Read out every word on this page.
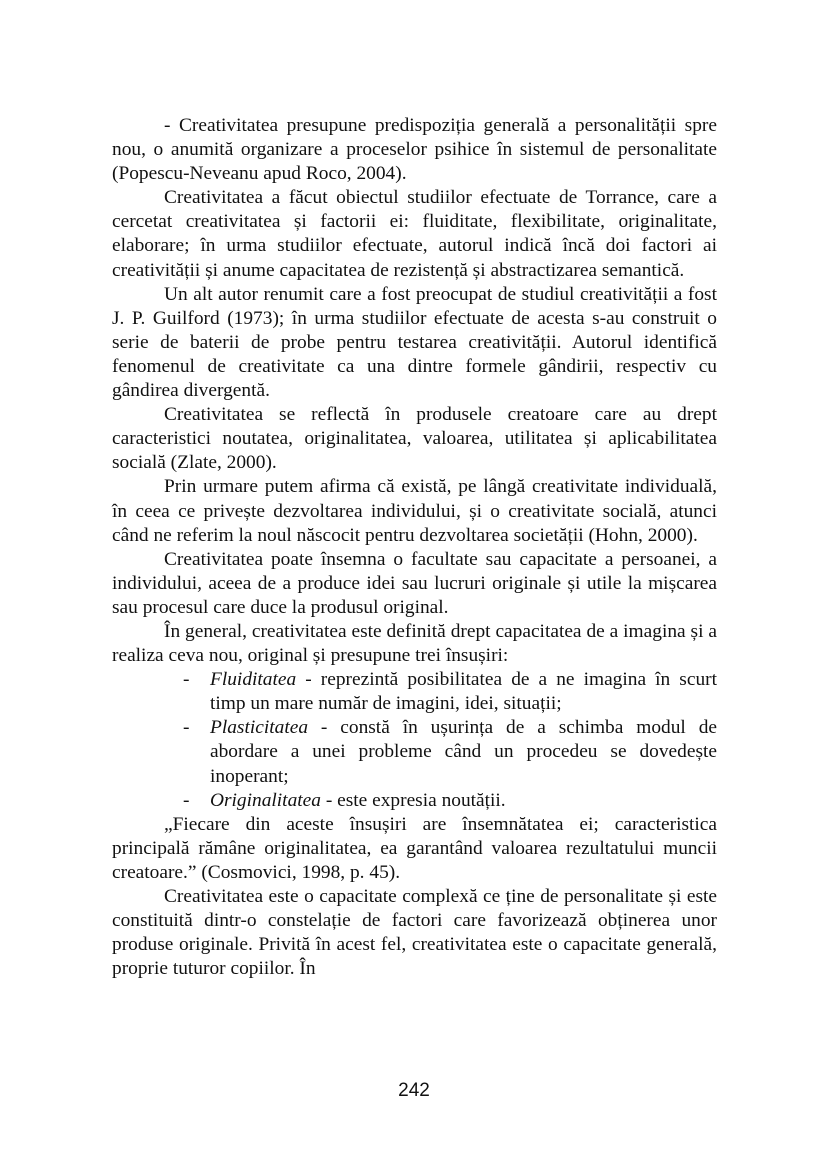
- Creativitatea presupune predispoziția generală a personalității spre nou, o anumită organizare a proceselor psihice în sistemul de personalitate (Popescu-Neveanu apud Roco, 2004).

Creativitatea a făcut obiectul studiilor efectuate de Torrance, care a cercetat creativitatea și factorii ei: fluiditate, flexibilitate, originalitate, elaborare; în urma studiilor efectuate, autorul indică încă doi factori ai creativității și anume capacitatea de rezistență și abstractizarea semantică.

Un alt autor renumit care a fost preocupat de studiul creativității a fost J. P. Guilford (1973); în urma studiilor efectuate de acesta s-au construit o serie de baterii de probe pentru testarea creativității. Autorul identifică fenomenul de creativitate ca una dintre formele gândirii, respectiv cu gândirea divergentă.

Creativitatea se reflectă în produsele creatoare care au drept caracteristici noutatea, originalitatea, valoarea, utilitatea și aplicabilitatea socială (Zlate, 2000).

Prin urmare putem afirma că există, pe lângă creativitate individuală, în ceea ce privește dezvoltarea individului, și o creativitate socială, atunci când ne referim la noul născocit pentru dezvoltarea societății (Hohn, 2000).

Creativitatea poate însemna o facultate sau capacitate a persoanei, a individului, aceea de a produce idei sau lucruri originale și utile la mișcarea sau procesul care duce la produsul original.

În general, creativitatea este definită drept capacitatea de a imagina și a realiza ceva nou, original și presupune trei însușiri:

- Fluiditatea - reprezintă posibilitatea de a ne imagina în scurt timp un mare număr de imagini, idei, situații;
- Plasticitatea - constă în ușurința de a schimba modul de abordare a unei probleme când un procedeu se dovedește inoperant;
- Originalitatea - este expresia noutății.

„Fiecare din aceste însușiri are însemnătatea ei; caracteristica principală rămâne originalitatea, ea garantând valoarea rezultatului muncii creatoare.” (Cosmovici, 1998, p. 45).

Creativitatea este o capacitate complexă ce ține de personalitate și este constituită dintr-o constelație de factori care favorizează obținerea unor produse originale. Privită în acest fel, creativitatea este o capacitate generală, proprie tuturor copiilor. În

242
